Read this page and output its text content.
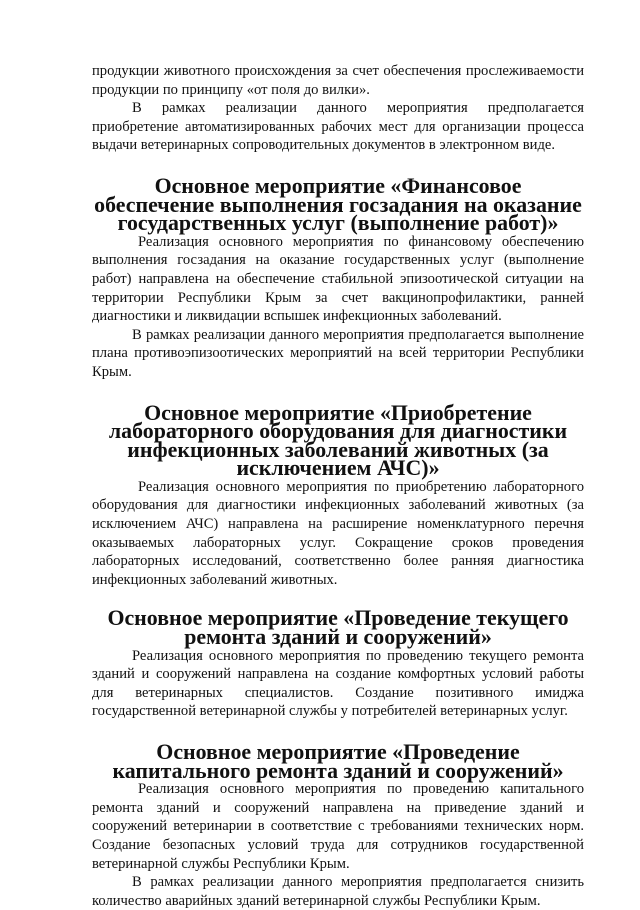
продукции животного происхождения за счет обеспечения прослеживаемости продукции по принципу «от поля до вилки».

В рамках реализации данного мероприятия предполагается приобретение автоматизированных рабочих мест для организации процесса выдачи ветеринарных сопроводительных документов в электронном виде.

Основное мероприятие «Финансовое обеспечение выполнения госзадания на оказание государственных услуг (выполнение работ)»

Реализация основного мероприятия по финансовому обеспечению выполнения госзадания на оказание государственных услуг (выполнение работ) направлена на обеспечение стабильной эпизоотической ситуации на территории Республики Крым за счет вакцинопрофилактики, ранней диагностики и ликвидации вспышек инфекционных заболеваний.

В рамках реализации данного мероприятия предполагается выполнение плана противоэпизоотических мероприятий на всей территории Республики Крым.

Основное мероприятие «Приобретение лабораторного оборудования для диагностики инфекционных заболеваний животных (за исключением АЧС)»

Реализация основного мероприятия по приобретению лабораторного оборудования для диагностики инфекционных заболеваний животных (за исключением АЧС) направлена на расширение номенклатурного перечня оказываемых лабораторных услуг. Сокращение сроков проведения лабораторных исследований, соответственно более ранняя диагностика инфекционных заболеваний животных.

Основное мероприятие «Проведение текущего ремонта зданий и сооружений»

Реализация основного мероприятия по проведению текущего ремонта зданий и сооружений направлена на создание комфортных условий работы для ветеринарных специалистов. Создание позитивного имиджа государственной ветеринарной службы у потребителей ветеринарных услуг.

Основное мероприятие «Проведение капитального ремонта зданий и сооружений»

Реализация основного мероприятия по проведению капитального ремонта зданий и сооружений направлена на приведение зданий и сооружений ветеринарии в соответствие с требованиями технических норм. Создание безопасных условий труда для сотрудников государственной ветеринарной службы Республики Крым.

В рамках реализации данного мероприятия предполагается снизить количество аварийных зданий ветеринарной службы Республики Крым.
